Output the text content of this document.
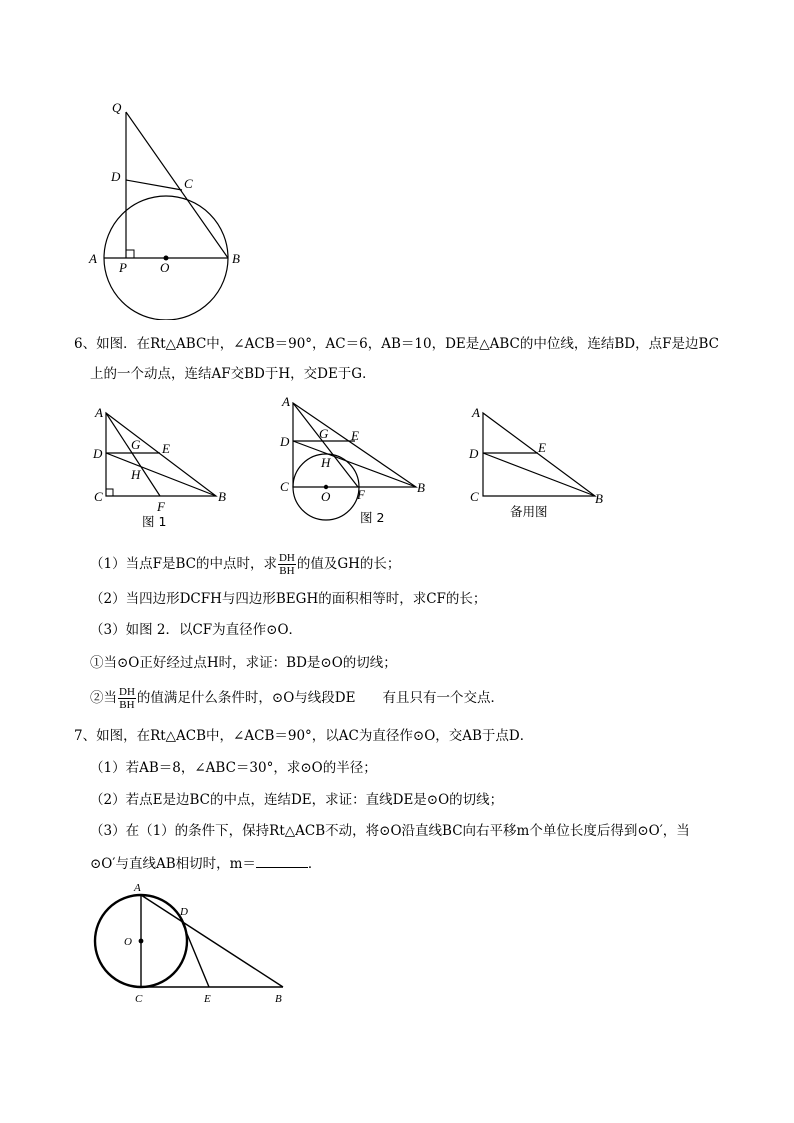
Q
D	C
A
P	O
B
6、如图．在Rt△ABC中，∠ACB＝90°，AC＝6，AB＝10，DE是△ABC的中位线，连结BD，点F是边BC
上的一个动点，连结AF交BD于H，交DE于G．
A
D
G E
H
C
F
B
A
D
G E
H
C
O F	B
A
D	E
C	B
图 1	图 2	备用图
（1）当点F是BC的中点时，求 $\frac{DH}{BH}$ 的值及GH的长；
（2）当四边形DCFH与四边形BEGH的面积相等时，求CF的长；
（3）如图 2．以CF为直径作⊙O．
①当⊙O正好经过点H时，求证：BD是⊙O的切线；
②当 $\frac{DH}{BH}$ 的值满足什么条件时，⊙O与线段DE　　有且只有一个交点．
7、如图，在Rt△ACB中，∠ACB＝90°，以AC为直径作⊙O，交AB于点D．
（1）若AB＝8，∠ABC＝30°，求⊙O的半径；
（2）若点E是边BC的中点，连结DE，求证：直线DE是⊙O的切线；
（3）在（1）的条件下，保持Rt△ACB不动，将⊙O沿直线BC向右平移m个单位长度后得到⊙O′，当
⊙O′与直线AB相切时，m＝	．
A
D
O
C	E	B
